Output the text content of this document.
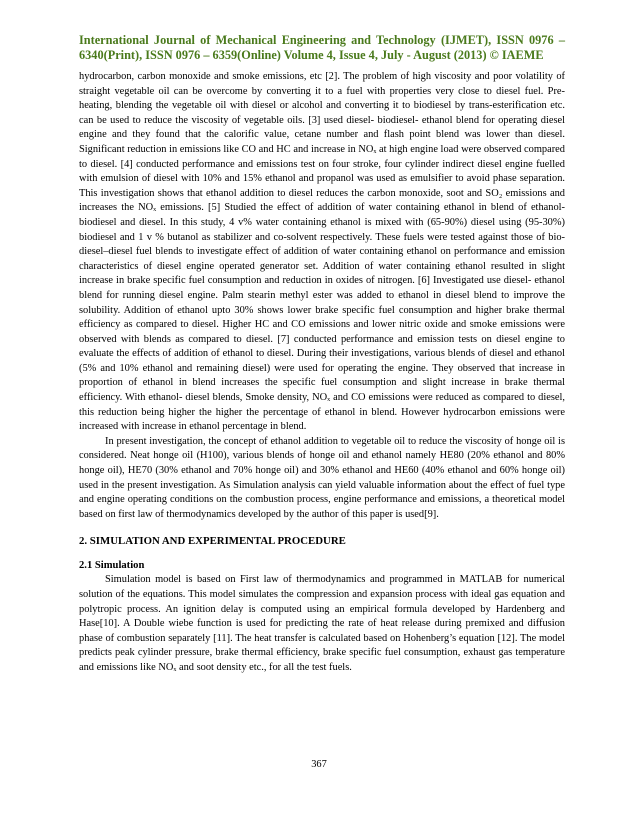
International Journal of Mechanical Engineering and Technology (IJMET), ISSN 0976 – 6340(Print), ISSN 0976 – 6359(Online) Volume 4, Issue 4, July - August (2013) © IAEME

hydrocarbon, carbon monoxide and smoke emissions, etc [2]. The problem of high viscosity and poor volatility of straight vegetable oil can be overcome by converting it to a fuel with properties very close to diesel fuel. Pre- heating, blending the vegetable oil with diesel or alcohol and converting it to biodiesel by trans-esterification etc. can be used to reduce the viscosity of vegetable oils. [3] used diesel- biodiesel- ethanol blend for operating diesel engine and they found that the calorific value, cetane number and flash point blend was lower than diesel. Significant reduction in emissions like CO and HC and increase in NOₓ at high engine load were observed compared to diesel. [4] conducted performance and emissions test on four stroke, four cylinder indirect diesel engine fuelled with emulsion of diesel with 10% and 15% ethanol and propanol was used as emulsifier to avoid phase separation. This investigation shows that ethanol addition to diesel reduces the carbon monoxide, soot and SO₂ emissions and increases the NOₓ emissions. [5] Studied the effect of addition of water containing ethanol in blend of ethanol-biodiesel and diesel. In this study, 4 v% water containing ethanol is mixed with (65-90%) diesel using (95-30%) biodiesel and 1 v % butanol as stabilizer and co-solvent respectively. These fuels were tested against those of bio-diesel–diesel fuel blends to investigate effect of addition of water containing ethanol on performance and emission characteristics of diesel engine operated generator set. Addition of water containing ethanol resulted in slight increase in brake specific fuel consumption and reduction in oxides of nitrogen. [6] Investigated use diesel- ethanol blend for running diesel engine. Palm stearin methyl ester was added to ethanol in diesel blend to improve the solubility. Addition of ethanol upto 30% shows lower brake specific fuel consumption and higher brake thermal efficiency as compared to diesel. Higher HC and CO emissions and lower nitric oxide and smoke emissions were observed with blends as compared to diesel. [7] conducted performance and emission tests on diesel engine to evaluate the effects of addition of ethanol to diesel. During their investigations, various blends of diesel and ethanol (5% and 10% ethanol and remaining diesel) were used for operating the engine. They observed that increase in proportion of ethanol in blend increases the specific fuel consumption and slight increase in brake thermal efficiency. With ethanol- diesel blends, Smoke density, NOₓ and CO emissions were reduced as compared to diesel, this reduction being higher the higher the percentage of ethanol in blend. However hydrocarbon emissions were increased with increase in ethanol percentage in blend.

In present investigation, the concept of ethanol addition to vegetable oil to reduce the viscosity of honge oil is considered. Neat honge oil (H100), various blends of honge oil and ethanol namely HE80 (20% ethanol and 80% honge oil), HE70 (30% ethanol and 70% honge oil) and 30% ethanol and HE60 (40% ethanol and 60% honge oil) used in the present investigation. As Simulation analysis can yield valuable information about the effect of fuel type and engine operating conditions on the combustion process, engine performance and emissions, a theoretical model based on first law of thermodynamics developed by the author of this paper is used[9].

2. SIMULATION AND EXPERIMENTAL PROCEDURE
2.1 Simulation

Simulation model is based on First law of thermodynamics and programmed in MATLAB for numerical solution of the equations. This model simulates the compression and expansion process with ideal gas equation and polytropic process. An ignition delay is computed using an empirical formula developed by Hardenberg and Hase[10]. A Double wiebe function is used for predicting the rate of heat release during premixed and diffusion phase of combustion separately [11]. The heat transfer is calculated based on Hohenberg’s equation [12]. The model predicts peak cylinder pressure, brake thermal efficiency, brake specific fuel consumption, exhaust gas temperature and emissions like NOₓ and soot density etc., for all the test fuels.

367
